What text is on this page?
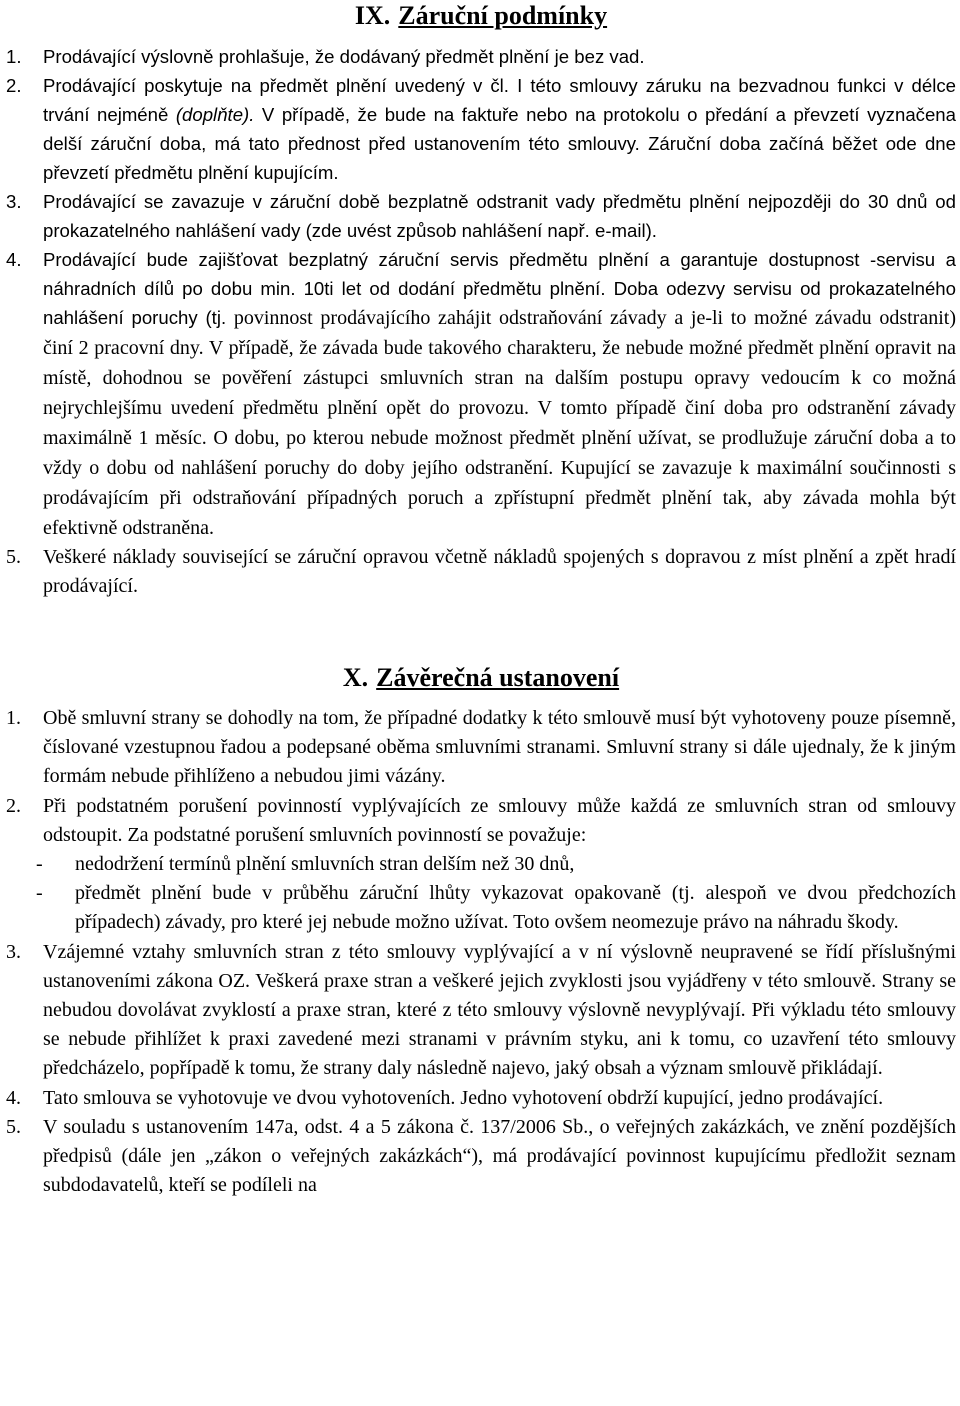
IX. Záruční podmínky
1. Prodávající výslovně prohlašuje, že dodávaný předmět plnění je bez vad.
2. Prodávající poskytuje na předmět plnění uvedený v čl. I této smlouvy záruku na bezvadnou funkci v délce trvání nejméně (doplňte). V případě, že bude na faktuře nebo na protokolu o předání a převzetí vyznačena delší záruční doba, má tato přednost před ustanovením této smlouvy. Záruční doba začíná běžet ode dne převzetí předmětu plnění kupujícím.
3. Prodávající se zavazuje v záruční době bezplatně odstranit vady předmětu plnění nejpozději do 30 dnů od prokazatelného nahlášení vady (zde uvést způsob nahlášení např. e-mail).
4. Prodávající bude zajišťovat bezplatný záruční servis předmětu plnění a garantuje dostupnost -servisu a náhradních dílů po dobu min. 10ti let od dodání předmětu plnění. Doba odezvy servisu od prokazatelného nahlášení poruchy (tj. povinnost prodávajícího zahájit odstraňování závady a je-li to možné závadu odstranit) činí 2 pracovní dny. V případě, že závada bude takového charakteru, že nebude možné předmět plnění opravit na místě, dohodnou se pověření zástupci smluvních stran na dalším postupu opravy vedoucím k co možná nejrychlejšímu uvedení předmětu plnění opět do provozu. V tomto případě činí doba pro odstranění závady maximálně 1 měsíc. O dobu, po kterou nebude možnost předmět plnění užívat, se prodlužuje záruční doba a to vždy o dobu od nahlášení poruchy do doby jejího odstranění. Kupující se zavazuje k maximální součinnosti s prodávajícím při odstraňování případných poruch a zpřístupní předmět plnění tak, aby závada mohla být efektivně odstraněna.
5. Veškeré náklady související se záruční opravou včetně nákladů spojených s dopravou z míst plnění a zpět hradí prodávající.
X. Závěrečná ustanovení
1. Obě smluvní strany se dohodly na tom, že případné dodatky k této smlouvě musí být vyhotoveny pouze písemně, číslované vzestupnou řadou a podepsané oběma smluvními stranami. Smluvní strany si dále ujednaly, že k jiným formám nebude přihlíženo a nebudou jimi vázány.
2. Při podstatném porušení povinností vyplývajících ze smlouvy může každá ze smluvních stran od smlouvy odstoupit. Za podstatné porušení smluvních povinností se považuje:
- nedodržení termínů plnění smluvních stran delším než 30 dnů,
- předmět plnění bude v průběhu záruční lhůty vykazovat opakovaně (tj. alespoň ve dvou předchozích případech) závady, pro které jej nebude možno užívat. Toto ovšem neomezuje právo na náhradu škody.
3. Vzájemné vztahy smluvních stran z této smlouvy vyplývající a v ní výslovně neupravené se řídí příslušnými ustanoveními zákona OZ. Veškerá praxe stran a veškeré jejich zvyklosti jsou vyjádřeny v této smlouvě. Strany se nebudou dovolávat zvyklostí a praxe stran, které z této smlouvy výslovně nevyplývají. Při výkladu této smlouvy se nebude přihlížet k praxi zavedené mezi stranami v právním styku, ani k tomu, co uzavření této smlouvy předcházelo, popřípadě k tomu, že strany daly následně najevo, jaký obsah a význam smlouvě přikládají.
4. Tato smlouva se vyhotovuje ve dvou vyhotoveních. Jedno vyhotovení obdrží kupující, jedno prodávající.
5. V souladu s ustanovením 147a, odst. 4 a 5 zákona č. 137/2006 Sb., o veřejných zakázkách, ve znění pozdějších předpisů (dále jen „zákon o veřejných zakázkách“), má prodávající povinnost kupujícímu předložit seznam subdodavatelů, kteří se podíleli na
